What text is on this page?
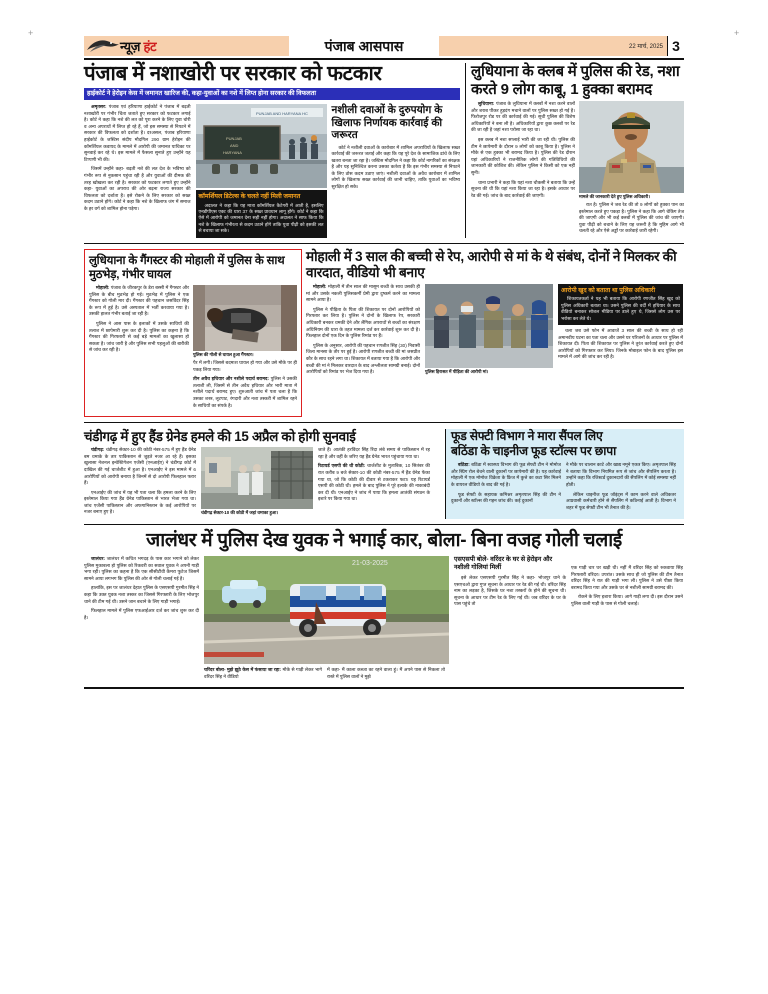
+	+
न्यूज़ हंट	पंजाब आसपास	22 मार्च, 2025 3
पंजाब में नशाखोरी पर सरकार को फटकार
हाईकोर्ट ने हेरोइन केस में जमानत खारिज की, कहा-युवाओं का नशे में लिप्त होना सरकार की विफलता

अमृतसर: पंजाब एवं हरियाणा हाईकोर्ट ने पंजाब में बढ़ती नशाखोरी पर गंभीर चिंता जताते हुए सरकार को फटकार लगाई है। कोर्ट ने कहा कि नशे की लत को पूरा करने के लिए युवा चोरी व अन्य अपराधों में लिप्त हो रहे हैं, जो इस समस्या से निपटने में सरकार की विफलता को दर्शाता है। दरअसल, पंजाब हरियाणा हाईकोर्ट के जस्टिस संदीप मौदगिल 290 ग्राम हेरोइन की कॉमर्शियल कवायद के मामले में आरोपी की जमानत याचिका पर सुनवाई कर रहे थे। इस मामले में फैसला सुनाते हुए उन्होंने यह टिप्पणी भी की।

जिसमें उन्होंने कहा- बढ़ती नशे की लत देश के भविष्य को गंभीर रूप से नुकसान पहुंचा रही है और युवाओं की दीमक की तरह खोखला कर रही है। सरकार को फटकार लगाते हुए उन्होंने कहा- युवाओं का अपराध की ओर बढ़ना राज्य सरकार की विफलता को दर्शाता है। इसे रोकने के लिए सरकार को सख्त कदम उठाने होंगे। कोर्ट ने कहा कि नशे के खिलाफ जंग में समाज के हर वर्ग को शामिल होना पड़ेगा।

PUNJAB AND HARYANA HC
PUNJAB
AND
HARYANA
कॉमर्शियल डिटेल्स के चलते नहीं मिली जमानत

अदालत ने कहा कि यह मात्रा कॉमर्शियल कैटेगरी में आती है, इसलिए एनडीपीएस एक्ट की धारा 37 के सख्त प्रावधान लागू होंगे। कोर्ट ने कहा कि ऐसे में आरोपी को जमानत देना सही नहीं होगा। अदालत ने साफ किया कि नशे के खिलाफ गंभीरता से कदम उठाने होंगे ताकि युवा पीढ़ी को इसकी लत से बचाया जा सके।

नशीली दवाओं के दुरुपयोग के खिलाफ निर्णायक कार्रवाई की जरूरत

कोर्ट ने नशीली दवाओं के कारोबार में शामिल अपराधियों के खिलाफ सख्त कार्रवाई की जरूरत जताई और कहा कि यह पूरे देश के सामाजिक ढांचे के लिए खतरा बनता जा रहा है। जस्टिस मौदगिल ने कहा कि कोर्ट नागरिकों का संरक्षक है और यह सुनिश्चित करना उसका कर्तव्य है कि इस गंभीर समस्या से निपटने के लिए ठोस कदम उठाए जाएं। नशीली दवाओं के अवैध कारोबार में शामिल लोगों के खिलाफ सख्त कार्रवाई की जानी चाहिए, ताकि युवाओं का भविष्य सुरक्षित हो सके।

लुधियाना के क्लब में पुलिस की रेड, नशा करते 9 लोग काबू, 1 हुक्का बरामद

लुधियाना: पंजाब के लुधियाना में क्लबों में नशा करने वालों और शराब पीकर हुड़दंग मचाने वालों पर पुलिस सख्त हो गई है। फिरोजपुर रोड पर की कार्रवाई की गई। सूची पुलिस की विशेष अधिकारियों ने बना ली है। अधिकारियों द्वारा कुछ क्लबों पर रेड की जा रही है जहां नशा परोसा जा रहा था।

इस क्लब में नशा सप्लाई भारी की जा रही थी। पुलिस की टीम ने छापेमारी के दौरान 9 लोगों को काबू किया है। पुलिस ने मौके से एक हुक्का भी बरामद किया है। पुलिस की रेड दौरान यहां अधिकारियों ने राजनीतिक लोगों की गतिविधियों की जानकारी की कोशिश की। लेकिन पुलिस ने किसी को एक नहीं सुनी।

थाना प्रभारी ने कहा कि यहां नशा चौकसी ने बताया कि उन्हें सूचना की थी कि यहां नशा किया जा रहा है। इसके आधार पर रेड की गई। जांच के बाद कार्रवाई की जाएगी।	मामले की जानकारी देते हुए पुलिस अधिकारी।

रात है। पुलिस ने जब रेड की तो 9 लोगों को हुक्का पान का इस्तेमाल करते हुए पकड़ा है। पुलिस ने कहा कि आगे चेकिंग तेज की जाएगी और भी कई क्लबों में पुलिस की जांच की जाएगी। युवा पीढ़ी को बचाने के लिए यह जरूरी है कि मुहिम आगे भी चलती रहे और ऐसे अड्डों पर कार्रवाई जारी रहेगी।

लुधियाना के गैंगस्टर की मोहाली में पुलिस के साथ मुठभेड़, गंभीर घायल

मोहाली: पंजाब के जीरकपुर के डेरा बस्सी में गैंगस्टर और पुलिस के बीच मुठभेड़ हो गई। मुठभेड़ में पुलिस ने एक गैंगस्टर को गोली मार दी। गैंगस्टर की पहचान जसविंदर सिंह के रूप में हुई है। उसे अस्पताल में भर्ती करवाया गया है। उसकी हालत गंभीर बताई जा रही है।

पुलिस ने आस पास के इलाकों में उसके साथियों की तलाश में छापेमारी शुरू कर दी है। पुलिस का कहना है कि गैंगस्टर की गिरफ्तारी से कई बड़े मामलों का खुलासा हो सकता है। जांच जारी है और पुलिस सभी पहलुओं की बारीकी से जांच कर रही है।

पुलिस की गोली से घायल हुआ गैंगस्टर।

पैर में लगी। जिससे बदमाश घायल हो गया और उसे मौके पर ही पकड़ लिया गया।

तीन अवैध हथियार और नशीले पदार्थ बरामद: पुलिस ने उसकी तलाशी ली, जिसमें से तीन अवैध हथियार और भारी मात्रा में नशीले पदार्थ बरामद हुए। शुरुआती जांच में पता चला है कि उसका शस्त्र, लूटपाट, रंगदारी और नशा तस्करी में शामिल रहने के साथियों का संपर्क है।

मोहाली में 3 साल की बच्ची से रेप, आरोपी से मां के थे संबंध, दोनों ने मिलकर की वारदात, वीडियो भी बनाए

मोहाली: मोहाली में तीन साल की मासूम बच्ची के साथ उसकी ही मां और उसके नकली पुलिसकर्मी प्रेमी द्वारा दुष्कर्म करने का मामला सामने आया है।

पुलिस ने पीड़िता के पिता की शिकायत पर दोनों आरोपियों को गिरफ्तार कर लिया है। पुलिस ने दोनों के खिलाफ रेप, सरकारी अधिकारी बनकर धमकी देने और लैंगिक अपराधों से बच्चों का संरक्षण अधिनियम की धारा के तहत मामला दर्ज कर कार्रवाई शुरू कर दी है। फिलहाल दोनों एक दिन के पुलिस रिमांड पर हैं।

पुलिस के अनुसार, आरोपी की पहचान रणजीत सिंह (30) निवासी जिला मानसा के तौर पर हुई है। आरोपी रणजीत बच्ची की मां जसप्रीत कौर के साथ रहने लगा था। शिकायत में बताया गया है कि आरोपी और बच्ची की मां ने मिलकर वारदात के बाद अश्लीलता सामग्री बनाई। दोनों आरोपियों को रिमांड पर भेज दिया गया है।	पुलिस हिरासत में पीड़िता की आरोपी मां।
आरोपी खुद को बताता था पुलिस अधिकारी

शिकायतकर्ता ने यह भी बताया कि आरोपी रणजीत सिंह खुद को पुलिस अधिकारी बताता था। उसने पुलिस की वर्दी में हथियार के साथ वीडियो बनाकर सोशल मीडिया पर डाले हुए थे, जिससे लोग उस पर भरोसा कर लेते थे।

चला जब उसे फोन में आवाजें 3 साल की बच्ची के साथ हो रही अमानवीय घटना का पता चला और उसने घर परिजनों के आधार पर पुलिस में शिकायत दी। पिता की शिकायत पर पुलिस ने तुरंत कार्रवाई करते हुए दोनों आरोपियों को गिरफ्तार कर लिया। जिनके मोबाइल फोन के बाद पुलिस इस मामले में आगे की जांच कर रही है।

चंडीगढ़ में हुए हैंड ग्रेनेड हमले की 15 अप्रैल को होगी सुनवाई

चंडीगढ़: चंडीगढ़ सेक्टर-10 की कोठी नंबर-575 में हुए हैंड ग्रेनेड बम धमाके के तार पाकिस्तान से जुड़ते नजर आ रहे हैं। इसका खुलासा नेशनल इन्वेस्टिगेशन एजेंसी (एनआईए) ने चंडीगढ़ कोर्ट में दाखिल की गई चार्जशीट में हुआ है। एनआईए ने इस मामले में 6 आरोपियों को आरोपी बनाया है जिनमें से दो आरोपी फिलहाल फरार हैं।

एनआईए की जांच में यह भी पता चला कि हमला करने के लिए इस्तेमाल किया गया हैंड ग्रेनेड पाकिस्तान से भारत भेजा गया था। जांच एजेंसी पाकिस्तान और अफगानिस्तान के कई आरोपियों पर नजर बनाए हुए है।	चंडीगढ़ सेक्टर-10 की कोठी में जहां धमाका हुआ।

जाते हैं। आतंकी हरविंदर सिंह रिंदा लंबे समय से पाकिस्तान में रह रहा है और वहीं के जरिए यह हैंड ग्रेनेड भारत पहुंचाया गया था।

रिटायर्ड एसपी की थी कोठी: चार्जशीट के मुताबिक, 10 सितंबर की रात करीब 9 बजे सेक्टर-10 की कोठी नंबर-575 में हैंड ग्रेनेड फेंका गया था, जो कि कोठी की दीवार से टकराकर फटा। यह रिटायर्ड एसपी की कोठी थी। हमले के बाद पुलिस ने पूरे इलाके की नाकाबंदी कर दी थी। एनआईए ने जांच में पाया कि हमला आतंकी संगठन के इशारे पर किया गया था।

फूड सेफ्टी विभाग ने मारा सैंपल लिए
बठिंडा के चाइनीज फूड स्टॉल्स पर छापा

बठिंडा: बठिंडा में स्वास्थ्य विभाग की फूड सेफ्टी टीम ने मोमोज और स्प्रिंग रोल बेचने वाली दुकानों पर छापेमारी की है। यह कार्रवाई मोहाली में एक मोमोज विक्रेता के फ्रिज में कुत्ते का कटा सिर मिलने के वायरल वीडियो के बाद की गई है।

फूड सेफ्टी के सहायक कमिश्नर अमृतपाल सिंह की टीम ने दुकानों और स्टॉल्स की गहन जांच की। कई दुकानों

ने मौके पर चालान काटे और खाद्य नमूने एकत्र किए। अमृतपाल सिंह ने बताया कि विभाग नियमित रूप से जांच और सैंपलिंग करता है। उन्होंने कहा कि रजिस्टर्ड दुकानदारों की सैंपलिंग में कोई समस्या नहीं होती।

लेकिन चाइनीज फूड जॉइंट्स में काम करने वाले अधिकतर आप्रवासी कर्मचारी होने से सैंपलिंग में कठिनाई आती है। विभाग ने शहर में फूड सेफ्टी टीम भी तैनात की है।

जालंधर में पुलिस देख युवक ने भगाई कार, बोला- बिना वजह गोली चलाई

जालंधर: जालंधर में कथित भगदड़ के पास कार भगाने को लेकर पुलिस मुकाबला हो पुलिस को रिकवरी का सवाल युवक ने अपनी गाड़ी भगा रही। पुलिस का कहना है कि एक सीसीटीवी कैमरा फुटेज जिसमें सामने आया लगभग कि पुलिस की ओर से गोली चलाई गई है।

हालांकि, इस पर जालंधर देहात पुलिस के एसएसपी गुरमीत सिंह ने कहा कि उक्त युवक नशा तस्कर का जिससे गिरफ्तारी के लिए भोजपुर थाने की टीम गई थी। उसने जान बचाने के लिए गाड़ी भगाई।

फिलहाल मामले में पुलिस एफआईआर दर्ज कर जांच शुरू कर दी है।

21-03-2025

चरिंदर बोला- मुझे झूठे केस में फंसाया जा रहा: मौके से गाड़ी लेकर भागे वरिंदर सिंह ने वीडियो

में कहा- मैं काला कब्जा का रहने वाला हूं। मैं अपने पास से निकला तो रास्ते में पुलिस वालों ने मुझे

एसएसपी बोले- वरिंदर के घर से हेरोइन और नशीली गोलियां मिलीं

इसे लेकर एसएसपी गुरमीत सिंह ने कहा- भोजपुर थाने के एसएचओ द्वारा गुप्त सूचना के आधार पर रेड की गई थी। वरिंदर सिंह नाम का लड़का है, जिसके घर नशा तस्करों के होने की सूचना थी। सूचना के आधार पर टीम रेड के लिए गई थी। जब वरिंदर के घर के पास पहुंचे तो

एक गाड़ी चार घर खड़ी थी। नहीं मैं वरिंदर सिंह को रुकवाया सिंह गिरफ्तारी वरिंदर। उपरांत। उसके साथ ही जो पुलिस की टीम तैनात वरिंदर सिंह ने रात की गाड़ी भगा ली। पुलिस ने उसे पीछा किया बरामद किया गया और उसके घर से नशीली सामग्री बरामद की।

रोकने के लिए इशारा किया। आगे गाड़ी लगा दी। इस दौरान उसने पुलिस वाली गाड़ी के पास से गोली चलाई।
